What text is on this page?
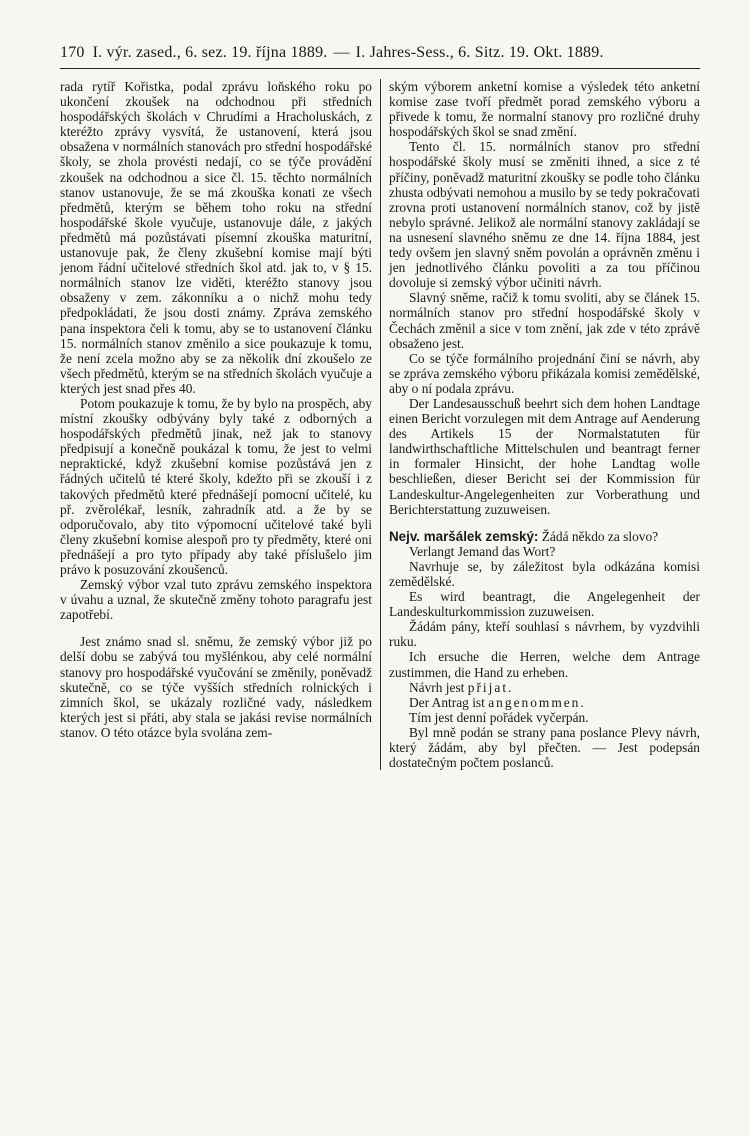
170 I. výr. zased., 6. sez. 19. října 1889. — I. Jahres-Sess., 6. Sitz. 19. Okt. 1889.

rada rytíř Kořistka, podal zprávu loňského roku po ukončení zkoušek na odchodnou při středních hospodářských školách v Chrudími a Hracholuskách, z kteréžto zprávy vysvítá, že ustanovení, která jsou obsažena v normálních stanovách pro střední hospodářské školy, se zhola provésti nedají, co se týče provádění zkoušek na odchodnou a sice čl. 15. těchto normálních stanov ustanovuje, že se má zkouška konati ze všech předmětů, kterým se během toho roku na střední hospodářské škole vyučuje, ustanovuje dále, z jakých předmětů má pozůstávati písemní zkouška maturitní, ustanovuje pak, že členy zkušební komise mají býti jenom řádní učitelové středních škol atd. jak to, v § 15. normálních stanov lze viděti, kteréžto stanovy jsou obsaženy v zem. zákonníku a o nichž mohu tedy předpokládati, že jsou dosti známy. Zpráva zemského pana inspektora čeli k tomu, aby se to ustanovení článku 15. normálních stanov změnilo a sice poukazuje k tomu, že není zcela možno aby se za několik dní zkoušelo ze všech předmětů, kterým se na středních školách vyučuje a kterých jest snad přes 40.

Potom poukazuje k tomu, že by bylo na prospěch, aby místní zkoušky odbývány byly také z odborných a hospodářských předmětů jinak, než jak to stanovy předpisují a konečně poukázal k tomu, že jest to velmi nepraktické, když zkušební komise pozůstává jen z řádných učitelů té které školy, kdežto při se zkouší i z takových předmětů které přednášejí pomocní učitelé, ku př. zvěrolékař, lesník, zahradník atd. a že by se odporučovalo, aby tito výpomocní učitelové také byli členy zkušební komise alespoň pro ty předměty, které oni přednášejí a pro tyto případy aby také příslušelo jim právo k posuzování zkoušenců.

Zemský výbor vzal tuto zprávu zemského inspektora v úvahu a uznal, že skutečně změny tohoto paragrafu jest zapotřebí.

Jest známo snad sl. sněmu, že zemský výbor již po delší dobu se zabývá tou myšlénkou, aby celé normální stanovy pro hospodářské vyučování se změnily, poněvadž skutečně, co se týče vyšších středních rolnických i zimních škol, se ukázaly rozličné vady, následkem kterých jest si přáti, aby stala se jakási revise normálních stanov. O této otázce byla svolána zem-

ským výborem anketní komise a výsledek této anketní komise zase tvoří předmět porad zemského výboru a přivede k tomu, že normalní stanovy pro rozličné druhy hospodářských škol se snad změní.

Tento čl. 15. normálních stanov pro střední hospodářské školy musí se změniti ihned, a sice z té příčiny, poněvadž maturitní zkoušky se podle toho článku zhusta odbývati nemohou a musilo by se tedy pokračovati zrovna proti ustanovení normálních stanov, což by jistě nebylo správné. Jelikož ale normální stanovy zakládají se na usnesení slavného sněmu ze dne 14. října 1884, jest tedy ovšem jen slavný sněm povolán a oprávněn změnu i jen jednotlivého článku povoliti a za tou příčinou dovoluje si zemský výbor učiniti návrh.

Slavný sněme, račiž k tomu svoliti, aby se článek 15. normálních stanov pro střední hospodářské školy v Čechách změnil a sice v tom znění, jak zde v této zprávě obsaženo jest.

Co se týče formálního projednání činí se návrh, aby se zpráva zemského výboru přikázala komisi zemědělské, aby o ní podala zprávu.

Der Landesausschuß beehrt sich dem hohen Landtage einen Bericht vorzulegen mit dem Antrage auf Aenderung des Artikels 15 der Normalstatuten für landwirthschaftliche Mittelschulen und beantragt ferner in formaler Hinsicht, der hohe Landtag wolle beschließen, dieser Bericht sei der Kommission für Landeskultur-Angelegenheiten zur Vorberathung und Berichterstattung zuzuweisen.

Nejv. maršálek zemský: Žádá někdo za slovo?

Verlangt Jemand das Wort?

Navrhuje se, by záležitost byla odkázána komisi zemědělské.

Es wird beantragt, die Angelegenheit der Landeskulturkommission zuzuweisen.

Žádám pány, kteří souhlasí s návrhem, by vyzdvihli ruku.

Ich ersuche die Herren, welche dem Antrage zustimmen, die Hand zu erheben.

Návrh jest přijat.

Der Antrag ist angenommen.

Tím jest denní pořádek vyčerpán.

Byl mně podán se strany pana poslance Plevy návrh, který žádám, aby byl přečten. — Jest podepsán dostatečným počtem poslanců.
